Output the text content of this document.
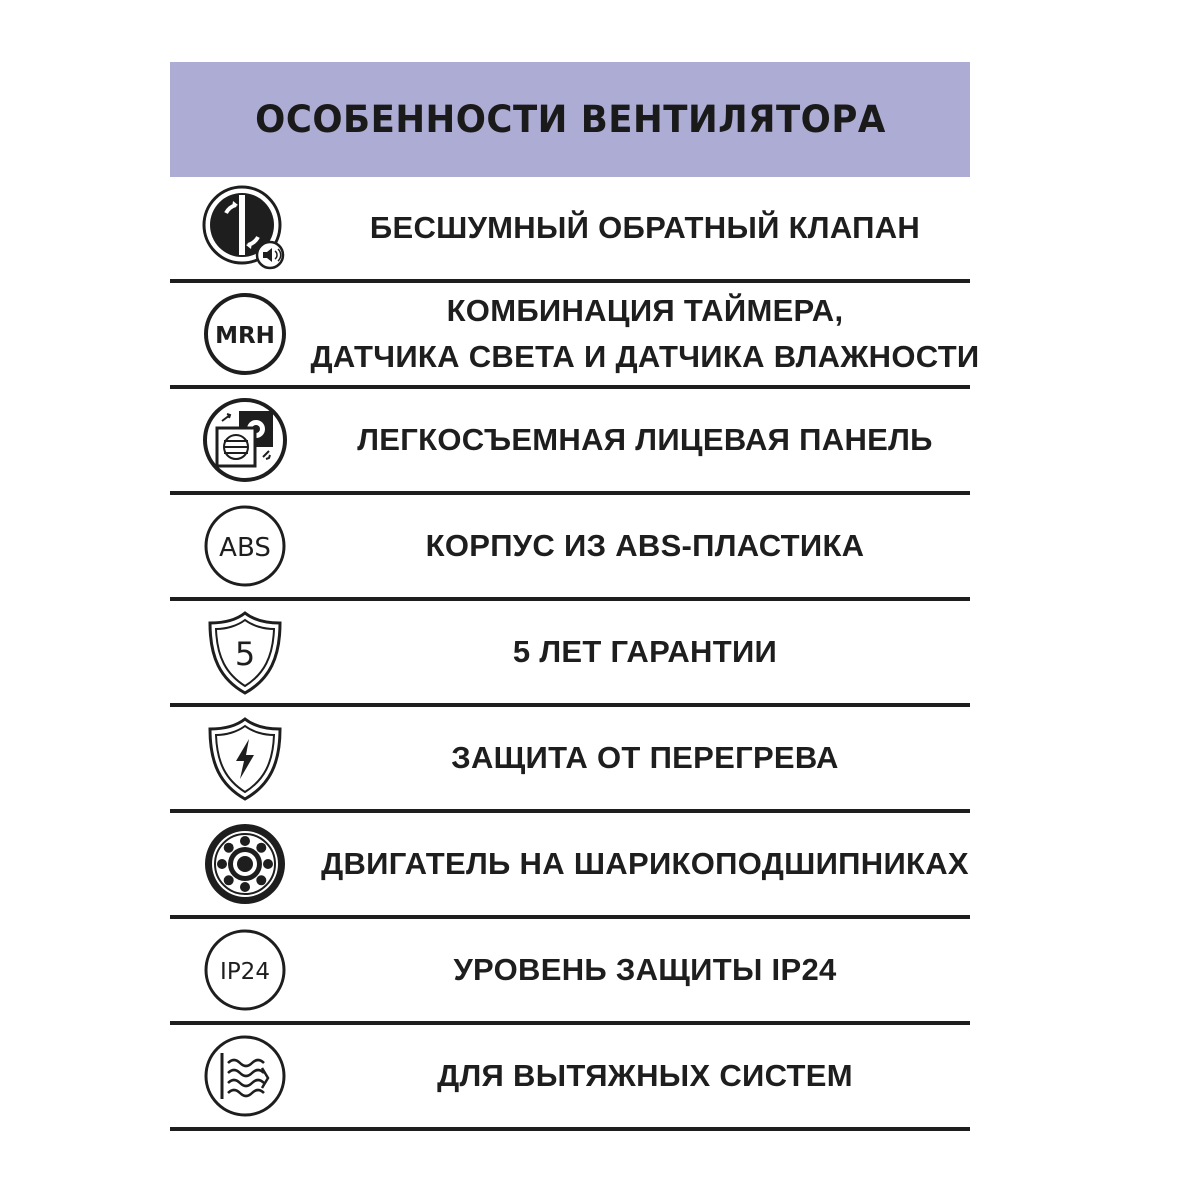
ОСОБЕННОСТИ ВЕНТИЛЯТОРА
БЕСШУМНЫЙ ОБРАТНЫЙ КЛАПАН
MRH
КОМБИНАЦИЯ ТАЙМЕРА,
ДАТЧИКА СВЕТА И ДАТЧИКА ВЛАЖНОСТИ
ЛЕГКОСЪЕМНАЯ ЛИЦЕВАЯ ПАНЕЛЬ
ABS	КОРПУС ИЗ ABS-ПЛАСТИКА
5	5 ЛЕТ ГАРАНТИИ
ЗАЩИТА ОТ ПЕРЕГРЕВА
ДВИГАТЕЛЬ НА ШАРИКОПОДШИПНИКАХ
IP24	УРОВЕНЬ ЗАЩИТЫ IP24
ДЛЯ ВЫТЯЖНЫХ СИСТЕМ
